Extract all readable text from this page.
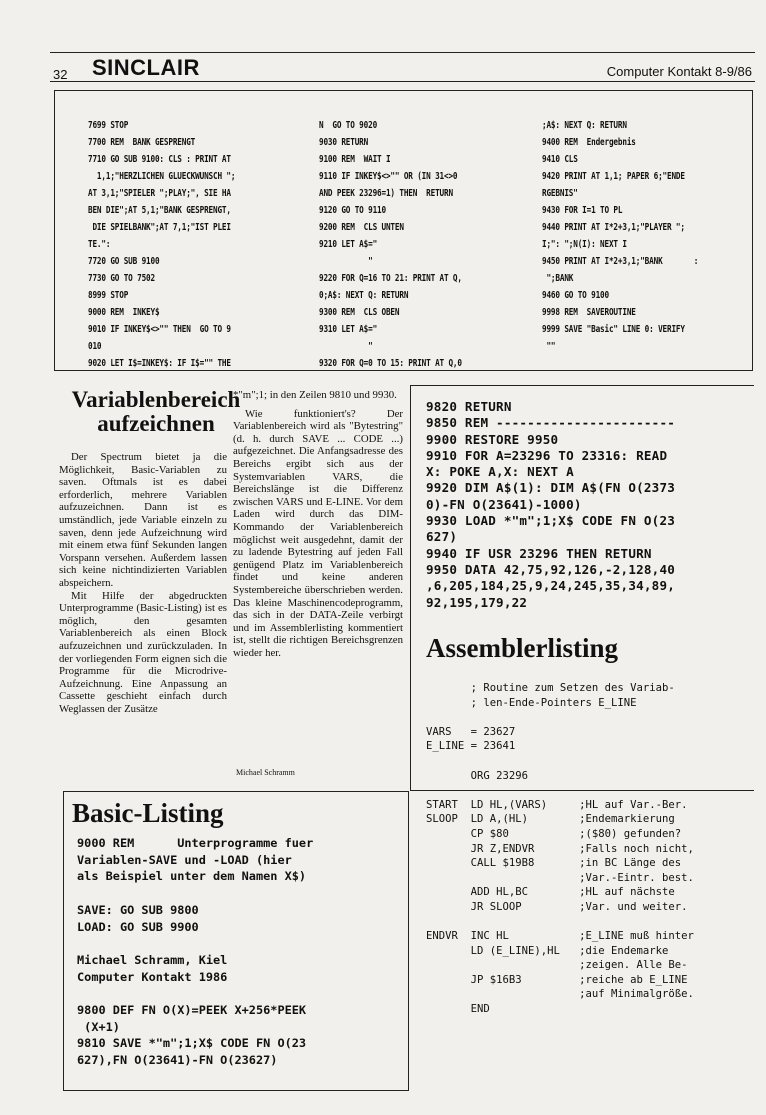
32 SINCLAIR	Computer Kontakt 8-9/86
7699 STOP
7700 REM  BANK GESPRENGT
7710 GO SUB 9100: CLS : PRINT AT
1,1;"HERZLICHEN GLUECKWUNSCH ";
AT 3,1;"SPIELER ";PLAY;", SIE HA
BEN DIE";AT 5,1;"BANK GESPRENGT,
DIE SPIELBANK";AT 7,1;"IST PLEI
TE.":
7720 GO SUB 9100
7730 GO TO 7502
8999 STOP
9000 REM  INKEY$
9010 IF INKEY$<>"" THEN  GO TO 9
010
9020 LET I$=INKEY$: IF I$="" THE
N  GO TO 9020
9030 RETURN
9100 REM  WAIT I
9110 IF INKEY$<>"" OR (IN 31<>0
AND PEEK 23296=1) THEN  RETURN
9120 GO TO 9110
9200 REM  CLS UNTEN
9210 LET A$="
"
9220 FOR Q=16 TO 21: PRINT AT Q,
0;A$: NEXT Q: RETURN
9300 REM  CLS OBEN
9310 LET A$="
"
9320 FOR Q=0 TO 15: PRINT AT Q,0
;A$: NEXT Q: RETURN
9400 REM  Endergebnis
9410 CLS
9420 PRINT AT 1,1; PAPER 6;"ENDE
RGEBNIS"
9430 FOR I=1 TO PL
9440 PRINT AT I*2+3,1;"PLAYER ";
I;": ";N(I): NEXT I
9450 PRINT AT I*2+3,1;"BANK       :
";BANK
9460 GO TO 9100
9998 REM  SAVEROUTINE
9999 SAVE "Basic" LINE 0: VERIFY
""
Variablenbereich aufzeichnen

Der Spectrum bietet ja die Möglichkeit, Basic-Variablen zu saven. Oftmals ist es dabei erforderlich, mehrere Variablen aufzuzeichnen. Dann ist es umständlich, jede Variable einzeln zu saven, denn jede Aufzeichnung wird mit einem etwa fünf Sekunden langen Vorspann versehen. Außerdem lassen sich keine nichtindizierten Variablen abspeichern.

Mit Hilfe der abgedruckten Unterprogramme (Basic-Listing) ist es möglich, den gesamten Variablenbereich als einen Block aufzuzeichnen und zurückzuladen. In der vorliegenden Form eignen sich die Programme für die Microdrive-Aufzeichnung. Eine Anpassung an Cassette geschieht einfach durch Weglassen der Zusätze

*"m";1; in den Zeilen 9810 und 9930.

Wie funktioniert's? Der Variablenbereich wird als "Bytestring" (d. h. durch SAVE ... CODE ...) aufgezeichnet. Die Anfangsadresse des Bereichs ergibt sich aus der Systemvariablen VARS, die Bereichslänge ist die Differenz zwischen VARS und E-LINE. Vor dem Laden wird durch das DIM-Kommando der Variablenbereich möglichst weit ausgedehnt, damit der zu ladende Bytestring auf jeden Fall genügend Platz im Variablenbereich findet und keine anderen Systembereiche überschrieben werden. Das kleine Maschinencodeprogramm, das sich in der DATA-Zeile verbirgt und im Assemblerlisting kommentiert ist, stellt die richtigen Bereichsgrenzen wieder her.

Michael Schramm
9820 RETURN
9850 REM -----------------------
9900 RESTORE 9950
9910 FOR A=23296 TO 23316: READ
X: POKE A,X: NEXT A
9920 DIM A$(1): DIM A$(FN O(2373
0)-FN O(23641)-1000)
9930 LOAD *"m";1;X$ CODE FN O(23
627)
9940 IF USR 23296 THEN RETURN
9950 DATA 42,75,92,126,-2,128,40
,6,205,184,25,9,24,245,35,34,89,
92,195,179,22
Assemblerlisting
; Routine zum Setzen des Variab-
; len-Ende-Pointers E_LINE

VARS   = 23627
E_LINE = 23641

ORG 23296

START  LD HL,(VARS)     ;HL auf Var.-Ber.
SLOOP  LD A,(HL)        ;Endemarkierung
CP $80           ;($80) gefunden?
JR Z,ENDVR       ;Falls noch nicht,
CALL $19B8       ;in BC Länge des
;Var.-Eintr. best.
ADD HL,BC        ;HL auf nächste
JR SLOOP         ;Var. und weiter.

ENDVR  INC HL           ;E_LINE muß hinter
LD (E_LINE),HL   ;die Endemarke
;zeigen. Alle Be-
JP $16B3         ;reiche ab E_LINE
;auf Minimalgröße.
END
Basic-Listing
9000 REM      Unterprogramme fuer
Variablen-SAVE und -LOAD (hier
als Beispiel unter dem Namen X$)

SAVE: GO SUB 9800
LOAD: GO SUB 9900

Michael Schramm, Kiel
Computer Kontakt 1986

9800 DEF FN O(X)=PEEK X+256*PEEK
(X+1)
9810 SAVE *"m";1;X$ CODE FN O(23
627),FN O(23641)-FN O(23627)
